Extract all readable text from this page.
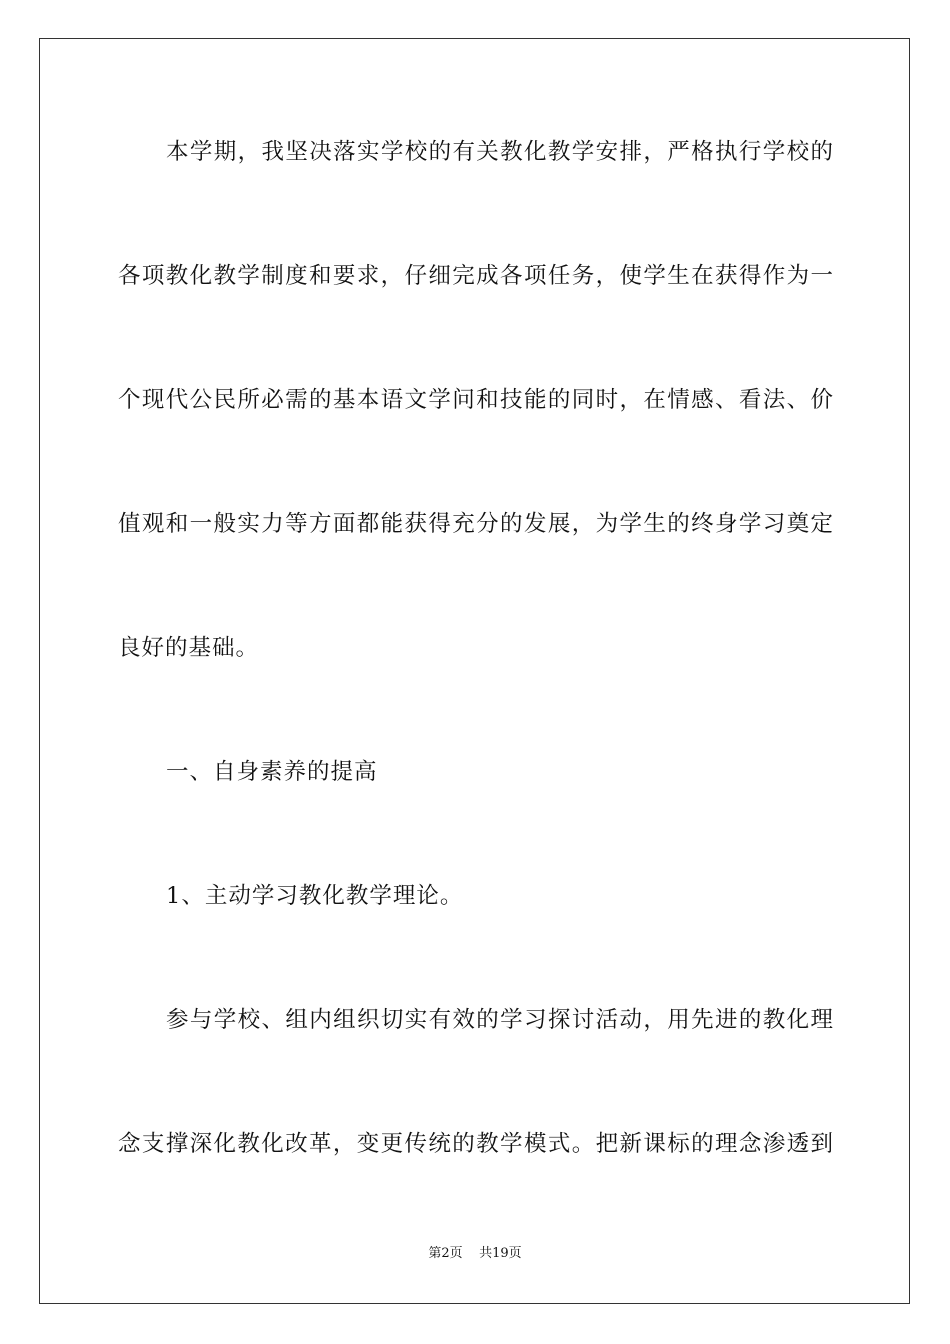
本学期，我坚决落实学校的有关教化教学安排，严格执行学校的
各项教化教学制度和要求，仔细完成各项任务，使学生在获得作为一
个现代公民所必需的基本语文学问和技能的同时，在情感、看法、价
值观和一般实力等方面都能获得充分的发展，为学生的终身学习奠定
良好的基础。
一、自身素养的提高
1、主动学习教化教学理论。
参与学校、组内组织切实有效的学习探讨活动，用先进的教化理
念支撑深化教化改革，变更传统的教学模式。把新课标的理念渗透到
第2页    共19页
